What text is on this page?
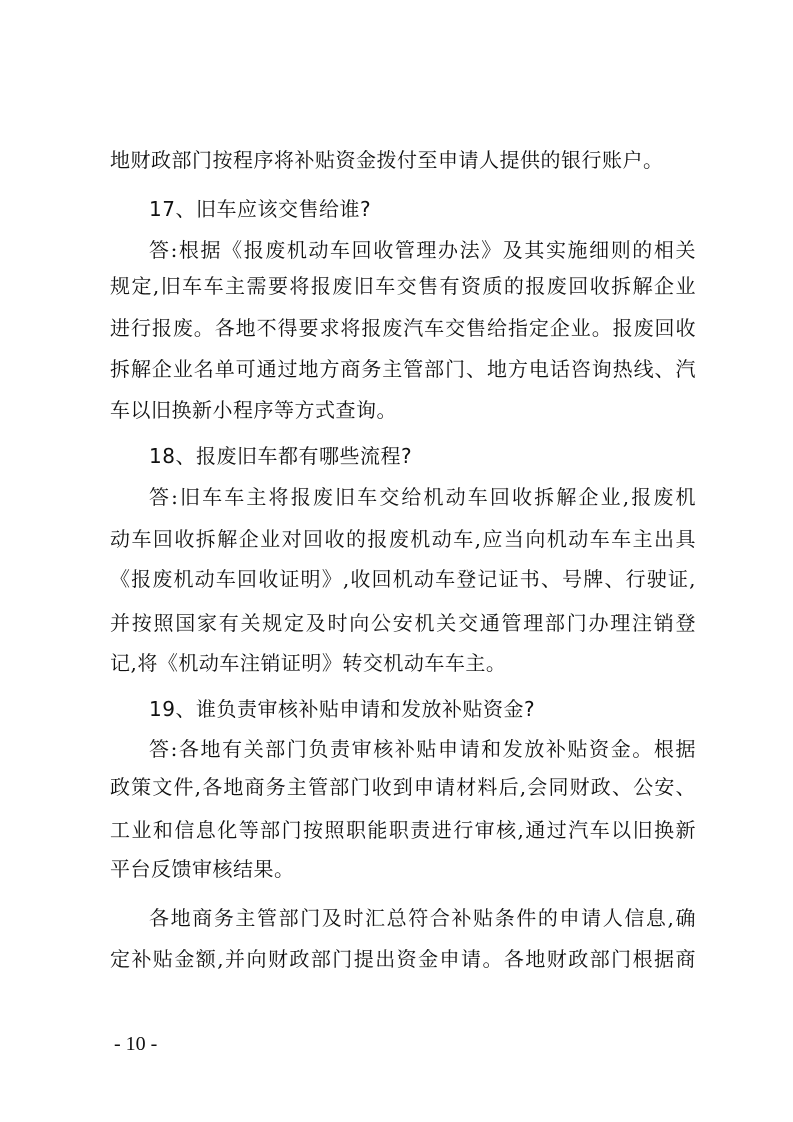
地财政部门按程序将补贴资金拨付至申请人提供的银行账户。
17、旧车应该交售给谁?
答:根据《报废机动车回收管理办法》及其实施细则的相关
规定,旧车车主需要将报废旧车交售有资质的报废回收拆解企业
进行报废。各地不得要求将报废汽车交售给指定企业。报废回收
拆解企业名单可通过地方商务主管部门、地方电话咨询热线、汽
车以旧换新小程序等方式查询。
18、报废旧车都有哪些流程?
答:旧车车主将报废旧车交给机动车回收拆解企业,报废机
动车回收拆解企业对回收的报废机动车,应当向机动车车主出具
《报废机动车回收证明》,收回机动车登记证书、号牌、行驶证,
并按照国家有关规定及时向公安机关交通管理部门办理注销登
记,将《机动车注销证明》转交机动车车主。
19、谁负责审核补贴申请和发放补贴资金?
答:各地有关部门负责审核补贴申请和发放补贴资金。根据
政策文件,各地商务主管部门收到申请材料后,会同财政、公安、
工业和信息化等部门按照职能职责进行审核,通过汽车以旧换新
平台反馈审核结果。
各地商务主管部门及时汇总符合补贴条件的申请人信息,确
定补贴金额,并向财政部门提出资金申请。各地财政部门根据商
- 10 -
